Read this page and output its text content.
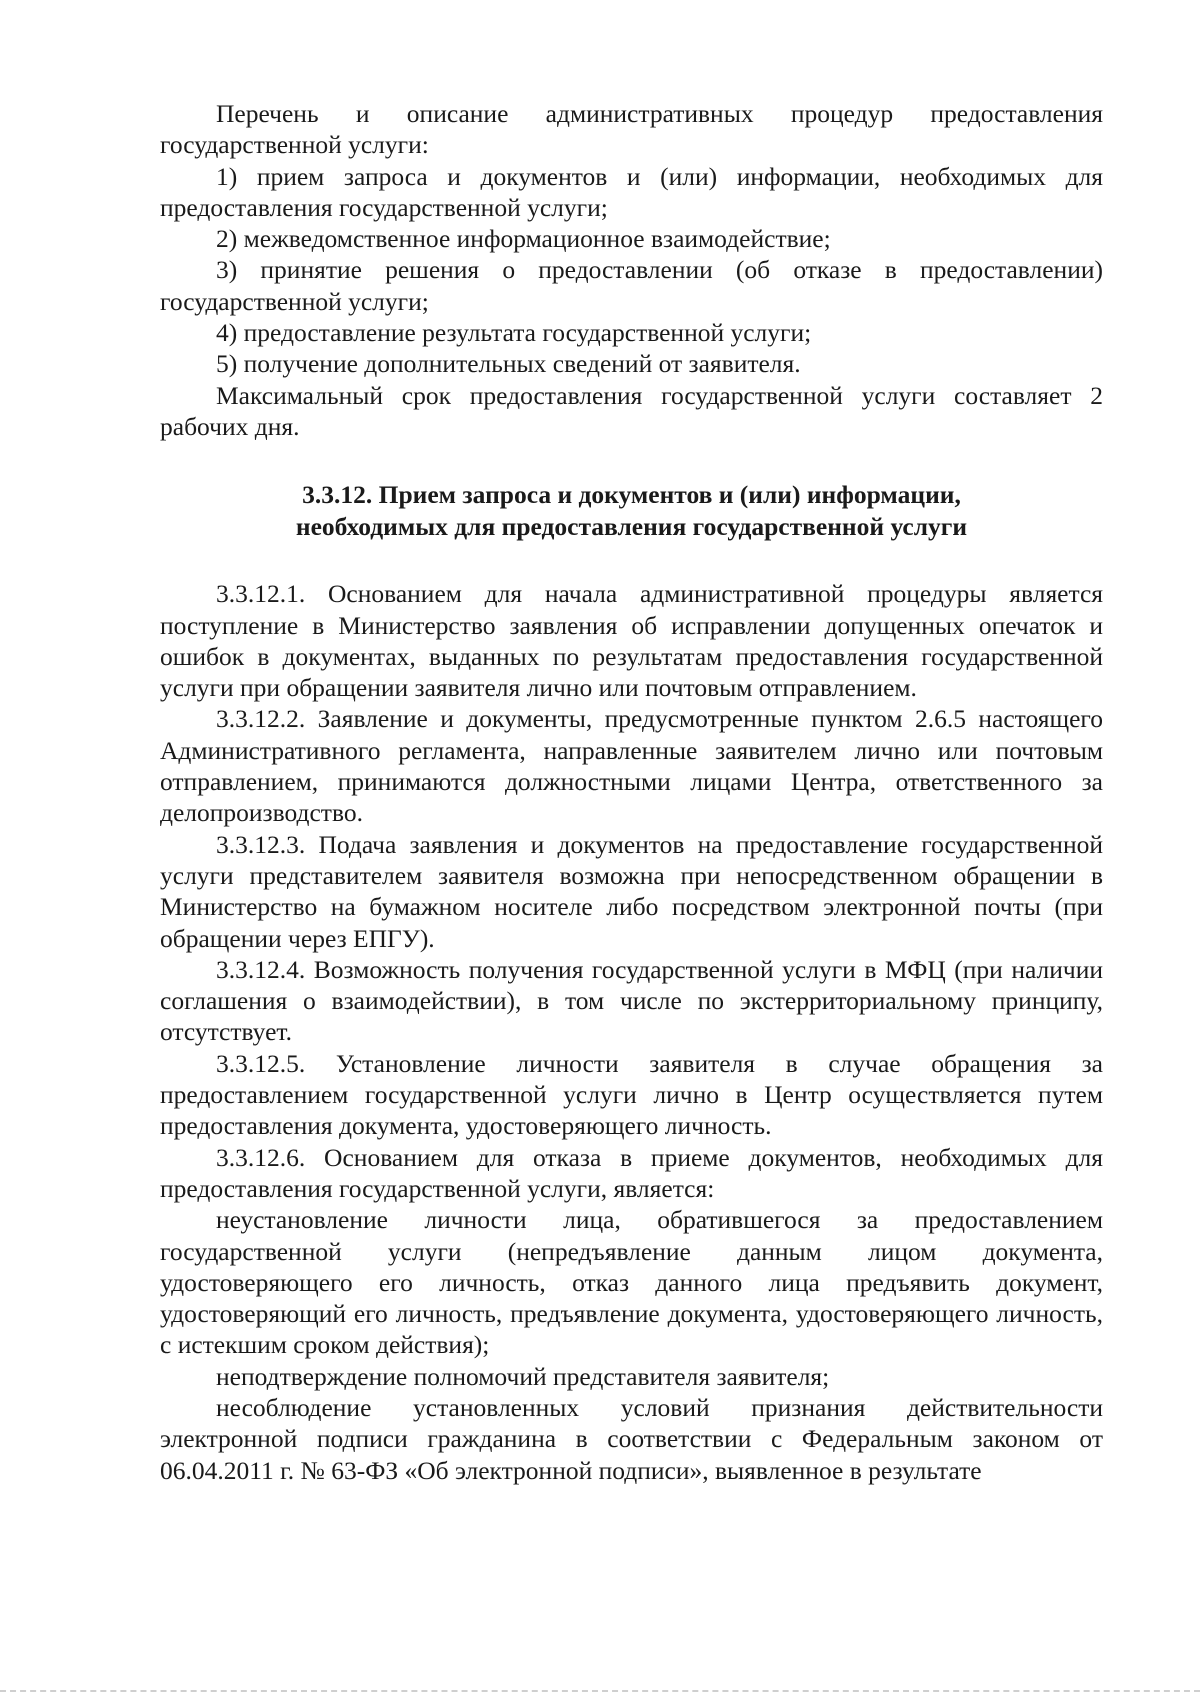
Перечень и описание административных процедур предоставления государственной услуги:

1) прием запроса и документов и (или) информации, необходимых для предоставления государственной услуги;

2) межведомственное информационное взаимодействие;

3) принятие решения о предоставлении (об отказе в предоставлении) государственной услуги;

4) предоставление результата государственной услуги;

5) получение дополнительных сведений от заявителя.

Максимальный срок предоставления государственной услуги составляет 2 рабочих дня.

3.3.12. Прием запроса и документов и (или) информации,
необходимых для предоставления государственной услуги

3.3.12.1. Основанием для начала административной процедуры является поступление в Министерство заявления об исправлении допущенных опечаток и ошибок в документах, выданных по результатам предоставления государственной услуги при обращении заявителя лично или почтовым отправлением.

3.3.12.2. Заявление и документы, предусмотренные пунктом 2.6.5 настоящего Административного регламента, направленные заявителем лично или почтовым отправлением, принимаются должностными лицами Центра, ответственного за делопроизводство.

3.3.12.3. Подача заявления и документов на предоставление государственной услуги представителем заявителя возможна при непосредственном обращении в Министерство на бумажном носителе либо посредством электронной почты (при обращении через ЕПГУ).

3.3.12.4. Возможность получения государственной услуги в МФЦ (при наличии соглашения о взаимодействии), в том числе по экстерриториальному принципу, отсутствует.

3.3.12.5. Установление личности заявителя в случае обращения за предоставлением государственной услуги лично в Центр осуществляется путем предоставления документа, удостоверяющего личность.

3.3.12.6. Основанием для отказа в приеме документов, необходимых для предоставления государственной услуги, является:

неустановление личности лица, обратившегося за предоставлением государственной услуги (непредъявление данным лицом документа, удостоверяющего его личность, отказ данного лица предъявить документ, удостоверяющий его личность, предъявление документа, удостоверяющего личность, с истекшим сроком действия);

неподтверждение полномочий представителя заявителя;

несоблюдение установленных условий признания действительности электронной подписи гражданина в соответствии с Федеральным законом от 06.04.2011 г. № 63-ФЗ «Об электронной подписи», выявленное в результате
